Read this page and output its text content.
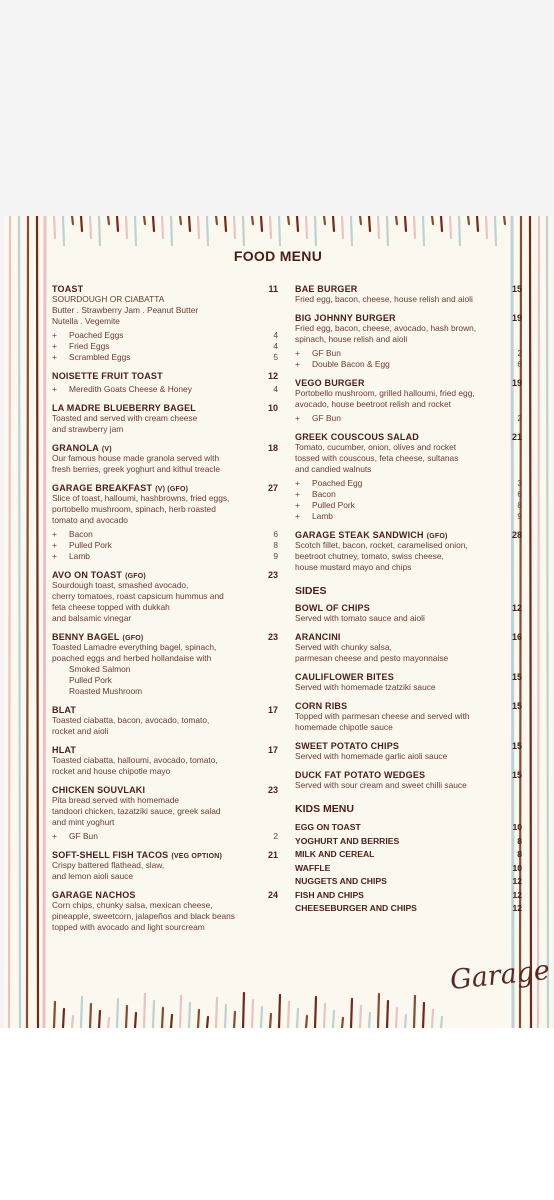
FOOD MENU
TOAST	11
SOURDOUGH OR CIABATTA
Butter . Strawberry Jam . Peanut Butter
Nutella . Vegemite
+ Poached Eggs	4
+ Fried Eggs	4
+ Scrambled Eggs	5
NOISETTE FRUIT TOAST	12
+ Meredith Goats Cheese & Honey	4
LA MADRE BLUEBERRY BAGEL	10
Toasted and served with cream cheese
and strawberry jam
GRANOLA (V)	18
Our famous house made granola served with
fresh berries, greek yoghurt and kithul treacle
GARAGE BREAKFAST (V) (GFO)	27
Slice of toast, halloumi, hashbrowns, fried eggs,
portobello mushroom, spinach, herb roasted
tomato and avocado
+ Bacon	6
+ Pulled Pork	8
+ Lamb	9
AVO ON TOAST (GFO)	23
Sourdough toast, smashed avocado,
cherry tomatoes, roast capsicum hummus and
feta cheese topped with dukkah
and balsamic vinegar
BENNY BAGEL (GFO)	23
Toasted Lamadre everything bagel, spinach,
poached eggs and herbed hollandaise with
Smoked Salmon
Pulled Pork
Roasted Mushroom
BLAT	17
Toasted ciabatta, bacon, avocado, tomato,
rocket and aioli
HLAT	17
Toasted ciabatta, halloumi, avocado, tomato,
rocket and house chipotle mayo
CHICKEN SOUVLAKI	23
Pita bread served with homemade
tandoori chicken, tazatziki sauce, greek salad
and mint yoghurt
+ GF Bun	2
SOFT-SHELL FISH TACOS (VEG OPTION)	21
Crispy battered flathead, slaw,
and lemon aioli sauce
GARAGE NACHOS	24
Corn chips, chunky salsa, mexican cheese,
pineapple, sweetcorn, jalapeños and black beans
topped with avocado and light sourcream
BAE BURGER	15
Fried egg, bacon, cheese, house relish and aioli
BIG JOHNNY BURGER	19
Fried egg, bacon, cheese, avocado, hash brown,
spinach, house relish and aioli
+ GF Bun	2
+ Double Bacon & Egg	6
VEGO BURGER	19
Portobello mushroom, grilled halloumi, fried egg,
avocado, house beetroot relish and rocket
+ GF Bun	2
GREEK COUSCOUS SALAD	21
Tomato, cucumber, onion, olives and rocket
tossed with couscous, feta cheese, sultanas
and candied walnuts
+ Poached Egg	3
+ Bacon	6
+ Pulled Pork	8
+ Lamb	9
GARAGE STEAK SANDWICH (GFO)	28
Scotch fillet, bacon, rocket, caramelised onion,
beetroot chutney, tomato, swiss cheese,
house mustard mayo and chips
SIDES
BOWL OF CHIPS	12
Served with tomato sauce and aioli
ARANCINI	16
Served with chunky salsa,
parmesan cheese and pesto mayonnaise
CAULIFLOWER BITES	15
Served with homemade tzatziki sauce
CORN RIBS	15
Topped with parmesan cheese and served with
homemade chipotle sauce
SWEET POTATO CHIPS	15
Served with homemade garlic aioli sauce
DUCK FAT POTATO WEDGES	15
Served with sour cream and sweet chilli sauce
KIDS MENU
EGG ON TOAST	10
YOGHURT AND BERRIES	8
MILK AND CEREAL	8
WAFFLE	10
NUGGETS AND CHIPS	12
FISH AND CHIPS	12
CHEESEBURGER AND CHIPS	12
Garage
